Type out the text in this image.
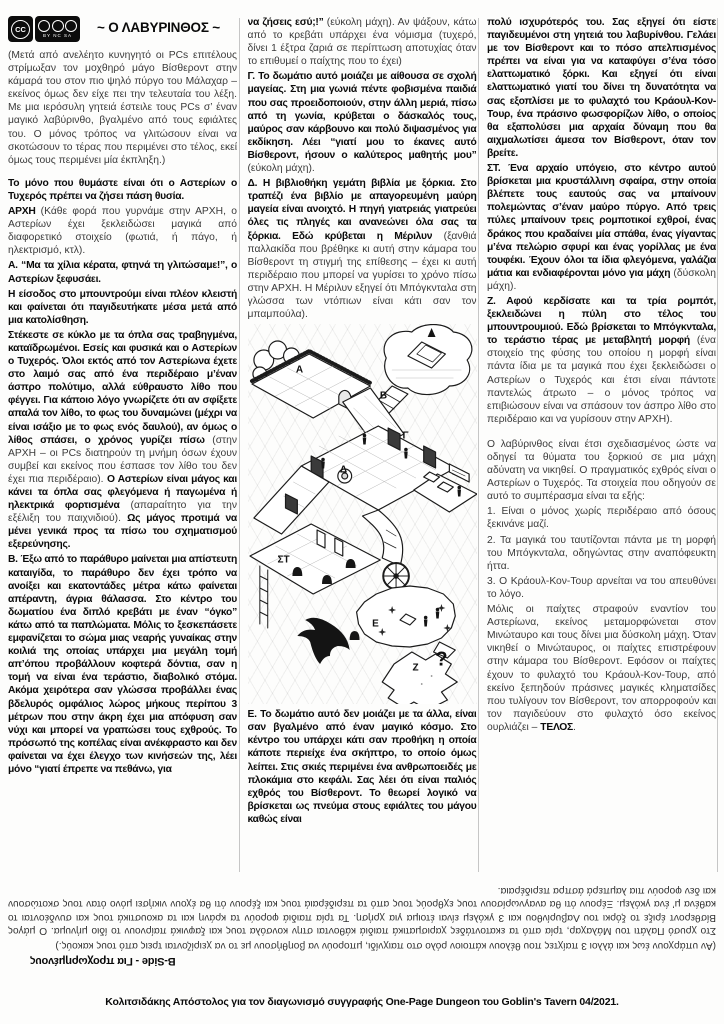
CC
BY NC SA
~ Ο ΛΑΒΥΡΙΝΘΟΣ ~

(Μετά από ανελέητο κυνηγητό οι PCs επιτέλους στρίμωξαν τον μοχθηρό μάγο Βίσθεροντ στην κάμαρά του στον πιο ψηλό πύργο του Μάλαχαρ – εκείνος όμως δεν είχε πει την τελευταία του λέξη. Με μια ιερόσυλη γητειά έστειλε τους PCs σ’ έναν μαγικό λαβύρινθο, βγαλμένο από τους εφιάλτες του. Ο μόνος τρόπος να γλιτώσουν είναι να σκοτώσουν το τέρας που περιμένει στο τέλος, εκεί όμως τους περιμένει μία έκπληξη.)

Το μόνο που θυμάστε είναι ότι ο Αστερίων ο Τυχερός πρέπει να ζήσει πάση θυσία.

ΑΡΧΗ (Κάθε φορά που γυρνάμε στην ΑΡΧΗ, ο Αστερίων έχει ξεκλειδώσει μαγικά από διαφορετικό στοιχείο (φωτιά, ή πάγο, ή ηλεκτρισμό, κτλ).

Α. “Μα τα χίλια κέρατα, φτηνά τη γλιτώσαμε!”, ο Αστερίων ξεφυσάει.

Η είσοδος στο μπουντρούμι είναι πλέον κλειστή και φαίνεται ότι παγιδευτήκατε μέσα μετά από μια κατολίσθηση.

Στέκεστε σε κύκλο με τα όπλα σας τραβηγμένα, καταϊδρωμένοι. Εσείς και φυσικά και ο Αστερίων ο Τυχερός. Όλοι εκτός από τον Αστερίωνα έχετε στο λαιμό σας από ένα περιδέραιο μ’έναν άσπρο πολύτιμο, αλλά εύθραυστο λίθο που φέγγει. Για κάποιο λόγο γνωρίζετε ότι αν σφίξετε απαλά τον λίθο, το φως του δυναμώνει (μέχρι να είναι ισάξιο με το φως ενός δαυλού), αν όμως ο λίθος σπάσει, ο χρόνος γυρίζει πίσω (στην ΑΡΧΗ – οι PCs διατηρούν τη μνήμη όσων έχουν συμβεί και εκείνος που έσπασε τον λίθο του δεν έχει πια περιδέραιο). Ο Αστερίων είναι μάγος και κάνει τα όπλα σας φλεγόμενα ή παγωμένα ή ηλεκτρικά φορτισμένα (απαραίτητο για την εξέλιξη του παιχνιδιού). Ως μάγος προτιμά να μένει γενικά προς τα πίσω του σχηματισμού εξερεύνησης.

Β. Έξω από το παράθυρο μαίνεται μια απίστευτη καταιγίδα, το παράθυρο δεν έχει τρόπο να ανοίξει και εκατοντάδες μέτρα κάτω φαίνεται απέραντη, άγρια θάλασσα. Στο κέντρο του δωματίου ένα διπλό κρεβάτι με έναν “όγκο” κάτω από τα παπλώματα. Μόλις το ξεσκεπάσετε εμφανίζεται το σώμα μιας νεαρής γυναίκας στην κοιλιά της οποίας υπάρχει μια μεγάλη τομή απ’όπου προβάλλουν κοφτερά δόντια, σαν η τομή να είναι ένα τεράστιο, διαβολικό στόμα. Ακόμα χειρότερα σαν γλώσσα προβάλλει ένας βδελυρός ομφάλιος λώρος μήκους περίπου 3 μέτρων που στην άκρη έχει μια απόφυση σαν νύχι και μπορεί να γραπώσει τους εχθρούς. Το πρόσωπό της κοπέλας είναι ανέκφραστο και δεν φαίνεται να έχει έλεγχο των κινήσεών της, λέει μόνο “γιατί έπρεπε να πεθάνω, για

να ζήσεις εσύ;!” (εύκολη μάχη). Αν ψάξουν, κάτω από το κρεβάτι υπάρχει ένα νόμισμα (τυχερό, δίνει 1 έξτρα ζαριά σε περίπτωση αποτυχίας όταν το επιθυμεί ο παίχτης που το έχει)

Γ. Το δωμάτιο αυτό μοιάζει με αίθουσα σε σχολή μαγείας. Στη μια γωνιά πέντε φοβισμένα παιδιά που σας προειδοποιούν, στην άλλη μεριά, πίσω από τη γωνία, κρύβεται ο δάσκαλός τους, μαύρος σαν κάρβουνο και πολύ διψασμένος για εκδίκηση. Λέει “γιατί μου το έκανες αυτό Βίσθεροντ, ήσουν ο καλύτερος μαθητής μου” (εύκολη μάχη).

Δ. Η βιβλιοθήκη γεμάτη βιβλία με ξόρκια. Στο τραπέζι ένα βιβλίο με απαγορευμένη μαύρη μαγεία είναι ανοιχτό. Η πηγή γιατρειάς γιατρεύει όλες τις πληγές και ανανεώνει όλα σας τα ξόρκια. Εδώ κρύβεται η Μέριλυν (ξανθιά παλλακίδα που βρέθηκε κι αυτή στην κάμαρα του Βίσθεροντ τη στιγμή της επίθεσης – έχει κι αυτή περιδέραιο που μπορεί να γυρίσει το χρόνο πίσω στην ΑΡΧΗ. Η Μέριλυν εξηγεί ότι Μπόγκνταλα στη γλώσσα των ντόπιων είναι κάτι σαν τον μπαμπούλα).

Α
Β
Γ
Δ
ΣΤ
Ε
Ζ ?

Ε. Το δωμάτιο αυτό δεν μοιάζει με τα άλλα, είναι σαν βγαλμένο από έναν μαγικό κόσμο. Στο κέντρο του υπάρχει κάτι σαν προθήκη η οποία κάποτε περιείχε ένα σκήπτρο, το οποίο όμως λείπει. Στις σκιές περιμένει ένα ανθρωποειδές με πλοκάμια στο κεφάλι. Σας λέει ότι είναι παλιός εχθρός του Βίσθεροντ. Το θεωρεί λογικό να βρίσκεται ως πνεύμα στους εφιάλτες του μάγου καθώς είναι

πολύ ισχυρότερός του. Σας εξηγεί ότι είστε παγιδευμένοι στη γητειά του λαβυρίνθου. Γελάει με τον Βίσθεροντ και το πόσο απελπισμένος πρέπει να είναι για να καταφύγει σ’ένα τόσο ελαττωματικό ξόρκι. Και εξηγεί ότι είναι ελαττωματικό γιατί του δίνει τη δυνατότητα να σας εξοπλίσει με το φυλαχτό του Κράουλ-Κον-Τουρ, ένα πράσινο φωσφορίζων λίθο, ο οποίος θα εξαπολύσει μια αρχαία δύναμη που θα αιχμαλωτίσει άμεσα τον Βίσθεροντ, όταν τον βρείτε.

ΣΤ. Ένα αρχαίο υπόγειο, στο κέντρο αυτού βρίσκεται μια κρυστάλλινη σφαίρα, στην οποία βλέπετε τους εαυτούς σας να μπαίνουν πολεμώντας σ’έναν μαύρο πύργο. Από τρεις πύλες μπαίνουν τρεις ρομποτικοί εχθροί, ένας δράκος που κραδαίνει μία σπάθα, ένας γίγαντας μ’ένα πελώριο σφυρί και ένας γορίλλας με ένα τουφέκι. Έχουν όλοι τα ίδια φλεγόμενα, γαλάζια μάτια και ενδιαφέρονται μόνο για μάχη (δύσκολη μάχη).

Ζ. Αφού κερδίσατε και τα τρία ρομπότ, ξεκλειδώνει η πύλη στο τέλος του μπουντρουμιού. Εδώ βρίσκεται το Μπόγκνταλα, το τεράστιο τέρας με μεταβλητή μορφή (ένα στοιχείο της φύσης του οποίου η μορφή είναι πάντα ίδια με τα μαγικά που έχει ξεκλειδώσει ο Αστερίων ο Τυχερός και έτσι είναι πάντοτε παντελώς άτρωτο – ο μόνος τρόπος να επιβιώσουν είναι να σπάσουν τον άσπρο λίθο στο περιδέραιο και να γυρίσουν στην ΑΡΧΗ).

Ο λαβύρινθος είναι έτσι σχεδιασμένος ώστε να οδηγεί τα θύματα του ξορκιού σε μια μάχη αδύνατη να νικηθεί. Ο πραγματικός εχθρός είναι ο Αστερίων ο Τυχερός. Τα στοιχεία που οδηγούν σε αυτό το συμπέρασμα είναι τα εξής:

1. Είναι ο μόνος χωρίς περιδέραιο από όσους ξεκινάνε μαζί.

2. Τα μαγικά του ταυτίζονται πάντα με τη μορφή του Μπόγκνταλα, οδηγώντας στην αναπόφευκτη ήττα.

3. Ο Κράουλ-Κον-Τουρ αρνείται να του απευθύνει το λόγο.

Μόλις οι παίχτες στραφούν εναντίον του Αστερίωνα, εκείνος μεταμορφώνεται στον Μινώταυρο και τους δίνει μια δύσκολη μάχη. Όταν νικηθεί ο Μινώταυρος, οι παίχτες επιστρέφουν στην κάμαρα του Βίσθεροντ. Εφόσον οι παίχτες έχουν το φυλαχτό του Κράουλ-Κον-Τουρ, από εκείνο ξεπηδούν πράσινες μαγικές κληματσίδες που τυλίγουν τον Βίσθεροντ, τον απορροφούν και τον παγιδεύουν στο φυλαχτό όσο εκείνος ουρλιάζει – ΤΕΛΟΣ.

B-Side - Για προχωρημένους

(Αν υπάρχουν έως και άλλοι 3 παίχτες που θέλουν κάποιον ρόλο στο παιχνίδι, μπορούν να βοηθήσουν με το να χειρίζονται τρεις από τους κακούς.)

Στο χρυσό Παλάτι του Μάλαχαρ, τρία από τα εκατοντάδες χαρισματικά παιδιά κάθονται στην κονσόλα τους και ξαφνικά παίρνουν το ίδιο μήνυμα. Ο μάγος Βίσθεροντ έριξε το ξόρκι του Λαβυρίνθου και 3 γκόλεμ είναι έτοιμα για χρήση. Τα τρία παιδιά φορούν τα κράνη και τα ακουστικά τους και συνδέονται το καθένα μ’ ένα γκόλεμ. Ξέρουν ότι θα αναγνωρίσουν τους εχθρούς τους από τα περιδέραιά τους και ξέρουν ότι θα έχουν νικήσει μόνο όταν τους σκοτώσουν και δεν φορούν πια λαμπερά άσπρα περιδέραια.

Κολιτσιδάκης Απόστολος για τον διαγωνισμό συγγραφής One-Page Dungeon του Goblin's Tavern 04/2021.
